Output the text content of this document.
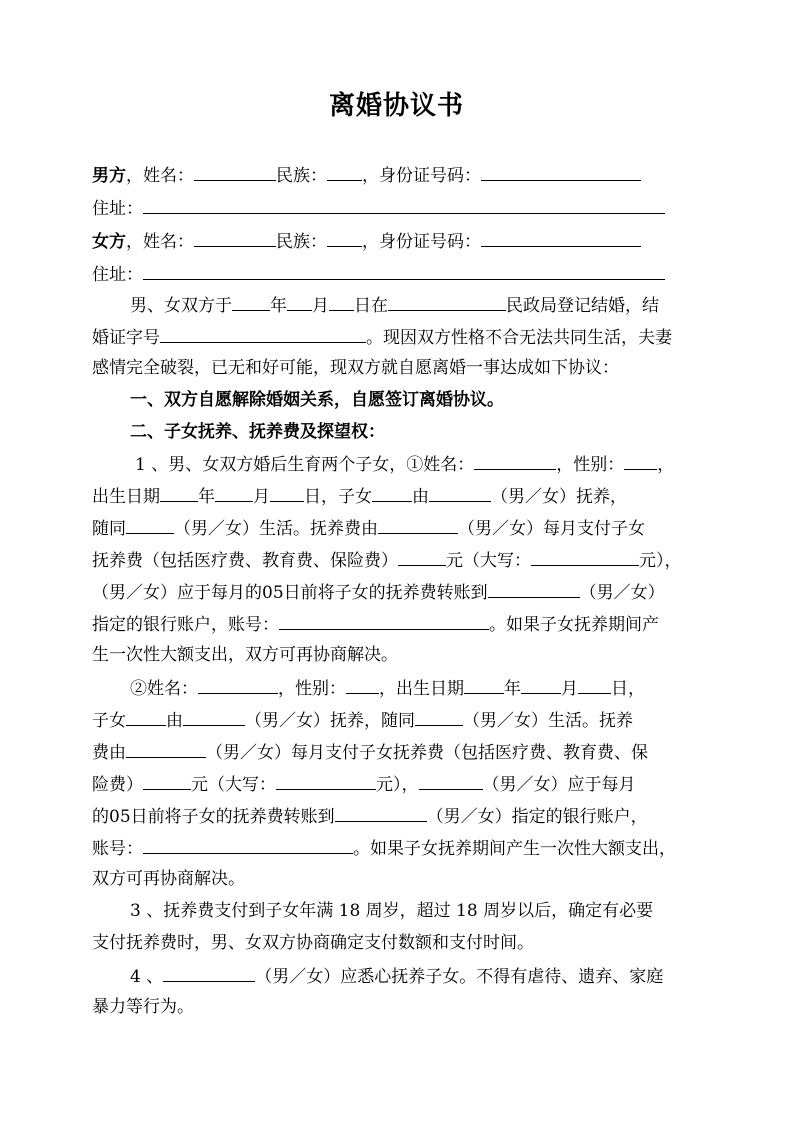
离婚协议书
男方，姓名：	民族： ，身份证号码：
住址：
女方，姓名：	民族： ，身份证号码：
住址：
男、女双方于 年 月 日在	民政局登记结婚，结
婚证字号	。现因双方性格不合无法共同生活，夫妻
感情完全破裂，已无和好可能，现双方就自愿离婚一事达成如下协议：
一、双方自愿解除婚姻关系，自愿签订离婚协议。
二、子女抚养、抚养费及探望权：
1 、男、女双方婚后生育两个子女，①姓名：	，性别： ，
出生日期 年 月 日，子女 由	（男／女）抚养，
随同	（男／女）生活。抚养费由	（男／女）每月支付子女
抚养费（包括医疗费、教育费、保险费）	元（大写：	元），
（男／女）应于每月的05日前将子女的抚养费转账到	（男／女）
指定的银行账户，账号：	。如果子女抚养期间产
生一次性大额支出，双方可再协商解决。
②姓名：	，性别： ，出生日期 年 月 日，
子女 由	（男／女）抚养，随同	（男／女）生活。抚养
费由	（男／女）每月支付子女抚养费（包括医疗费、教育费、保
险费）	元（大写：	元），	（男／女）应于每月
的05日前将子女的抚养费转账到	（男／女）指定的银行账户，
账号：	。如果子女抚养期间产生一次性大额支出，
双方可再协商解决。
3 、抚养费支付到子女年满 18 周岁，超过 18 周岁以后，确定有必要
支付抚养费时，男、女双方协商确定支付数额和支付时间。
4 、	（男／女）应悉心抚养子女。不得有虐待、遗弃、家庭
暴力等行为。
